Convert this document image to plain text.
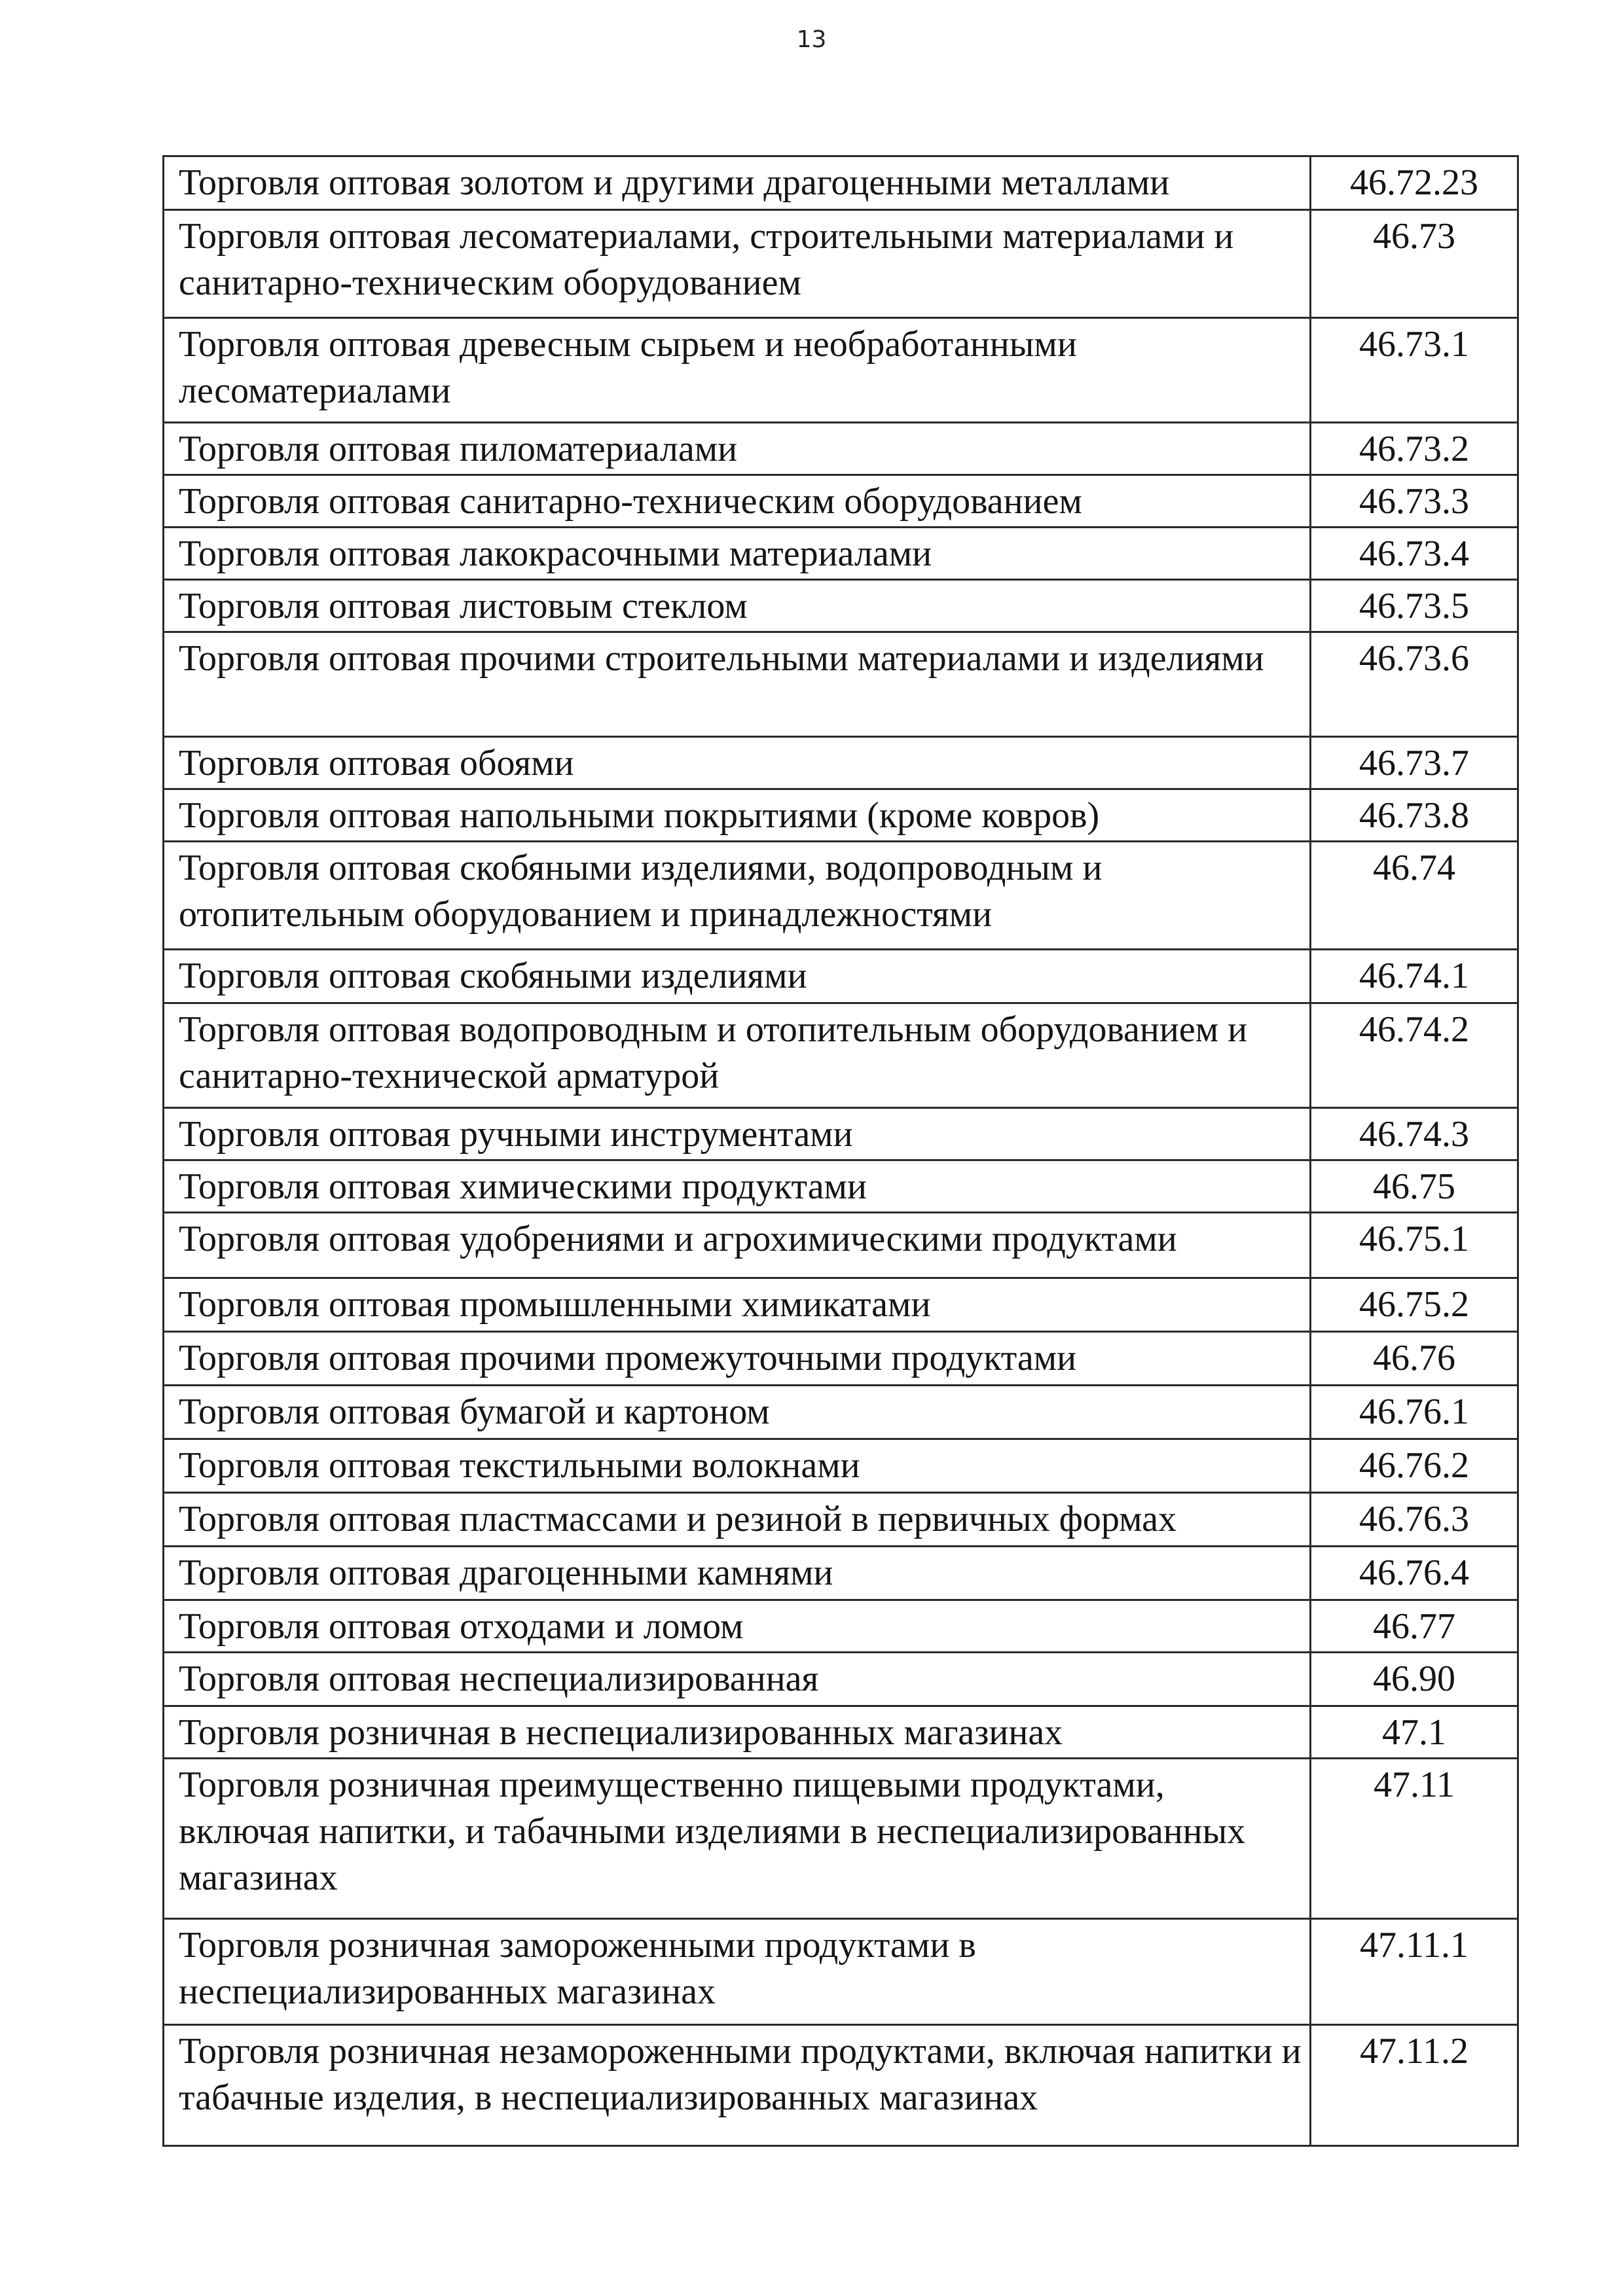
13
Торговля оптовая золотом и другими драгоценными металлами	46.72.23
Торговля оптовая лесоматериалами, строительными материалами и санитарно-техническим оборудованием	46.73
Торговля оптовая древесным сырьем и необработанными лесоматериалами	46.73.1
Торговля оптовая пиломатериалами	46.73.2
Торговля оптовая санитарно-техническим оборудованием	46.73.3
Торговля оптовая лакокрасочными материалами	46.73.4
Торговля оптовая листовым стеклом	46.73.5
Торговля оптовая прочими строительными материалами и изделиями	46.73.6
Торговля оптовая обоями	46.73.7
Торговля оптовая напольными покрытиями (кроме ковров)	46.73.8
Торговля оптовая скобяными изделиями, водопроводным и отопительным оборудованием и принадлежностями	46.74
Торговля оптовая скобяными изделиями	46.74.1
Торговля оптовая водопроводным и отопительным оборудованием и санитарно-технической арматурой	46.74.2
Торговля оптовая ручными инструментами	46.74.3
Торговля оптовая химическими продуктами	46.75
Торговля оптовая удобрениями и агрохимическими продуктами	46.75.1
Торговля оптовая промышленными химикатами	46.75.2
Торговля оптовая прочими промежуточными продуктами	46.76
Торговля оптовая бумагой и картоном	46.76.1
Торговля оптовая текстильными волокнами	46.76.2
Торговля оптовая пластмассами и резиной в первичных формах	46.76.3
Торговля оптовая драгоценными камнями	46.76.4
Торговля оптовая отходами и ломом	46.77
Торговля оптовая неспециализированная	46.90
Торговля розничная в неспециализированных магазинах	47.1
Торговля розничная преимущественно пищевыми продуктами, включая напитки, и табачными изделиями в неспециализированных магазинах	47.11
Торговля розничная замороженными продуктами в неспециализированных магазинах	47.11.1
Торговля розничная незамороженными продуктами, включая напитки и табачные изделия, в неспециализированных магазинах	47.11.2
